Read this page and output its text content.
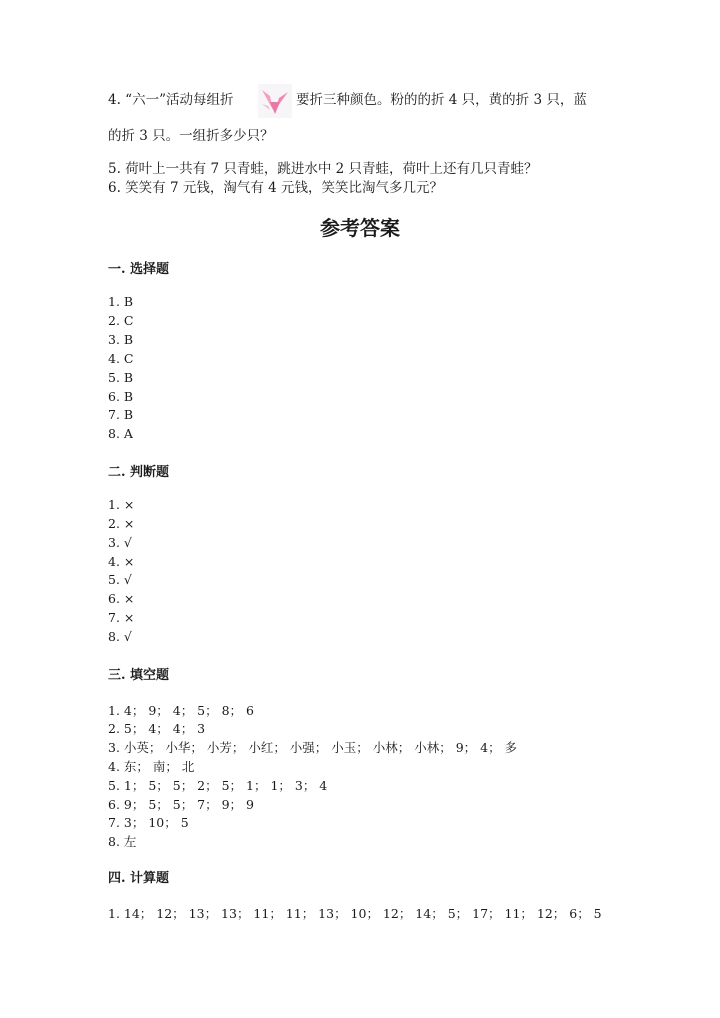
4. “六一”活动每组折	要折三种颜色。粉的的折 4 只，黄的折 3 只，蓝
的折 3 只。一组折多少只？
5. 荷叶上一共有 7 只青蛙，跳进水中 2 只青蛙，荷叶上还有几只青蛙？
6. 笑笑有 7 元钱，淘气有 4 元钱，笑笑比淘气多几元？
参考答案
一. 选择题
1. B
2. C
3. B
4. C
5. B
6. B
7. B
8. A
二. 判断题
1. ×
2. ×
3. √
4. ×
5. √
6. ×
7. ×
8. √
三. 填空题
1. 4； 9； 4； 5； 8； 6
2. 5； 4； 4； 3
3. 小英； 小华； 小芳； 小红； 小强； 小玉； 小林； 小林； 9； 4； 多
4. 东； 南； 北
5. 1； 5； 5； 2； 5； 1； 1； 3； 4
6. 9； 5； 5； 7； 9； 9
7. 3； 10； 5
8. 左
四. 计算题
1. 14； 12； 13； 13； 11； 11； 13； 10； 12； 14； 5； 17； 11； 12； 6； 5
